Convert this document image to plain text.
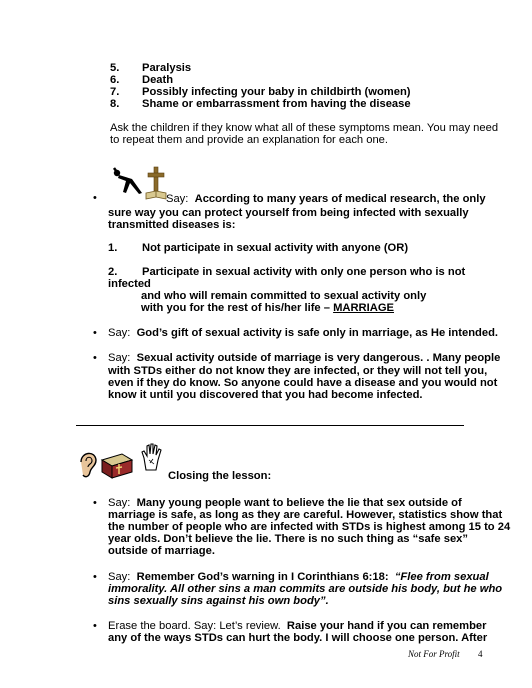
5. Paralysis
6. Death
7. Possibly infecting your baby in childbirth (women)
8. Shame or embarrassment from having the disease
Ask the children if they know what all of these symptoms mean. You may need
to repeat them and provide an explanation for each one.
•	Say: According to many years of medical research, the only
sure way you can protect yourself from being infected with sexually
transmitted diseases is:
1. Not participate in sexual activity with anyone (OR)
2. Participate in sexual activity with only one person who is not
infected
and who will remain committed to sexual activity only
with you for the rest of his/her life – MARRIAGE
• Say: God’s gift of sexual activity is safe only in marriage, as He intended.
• Say: Sexual activity outside of marriage is very dangerous. . Many people
with STDs either do not know they are infected, or they will not tell you,
even if they do know. So anyone could have a disease and you would not
know it until you discovered that you had become infected.
Closing the lesson:
• Say: Many young people want to believe the lie that sex outside of
marriage is safe, as long as they are careful. However, statistics show that
the number of people who are infected with STDs is highest among 15 to 24
year olds. Don’t believe the lie. There is no such thing as “safe sex”
outside of marriage.
• Say: Remember God’s warning in I Corinthians 6:18: “Flee from sexual
immorality. All other sins a man commits are outside his body, but he who
sins sexually sins against his own body”.
• Erase the board. Say: Let’s review. Raise your hand if you can remember
any of the ways STDs can hurt the body. I will choose one person. After
Not For Profit 4
